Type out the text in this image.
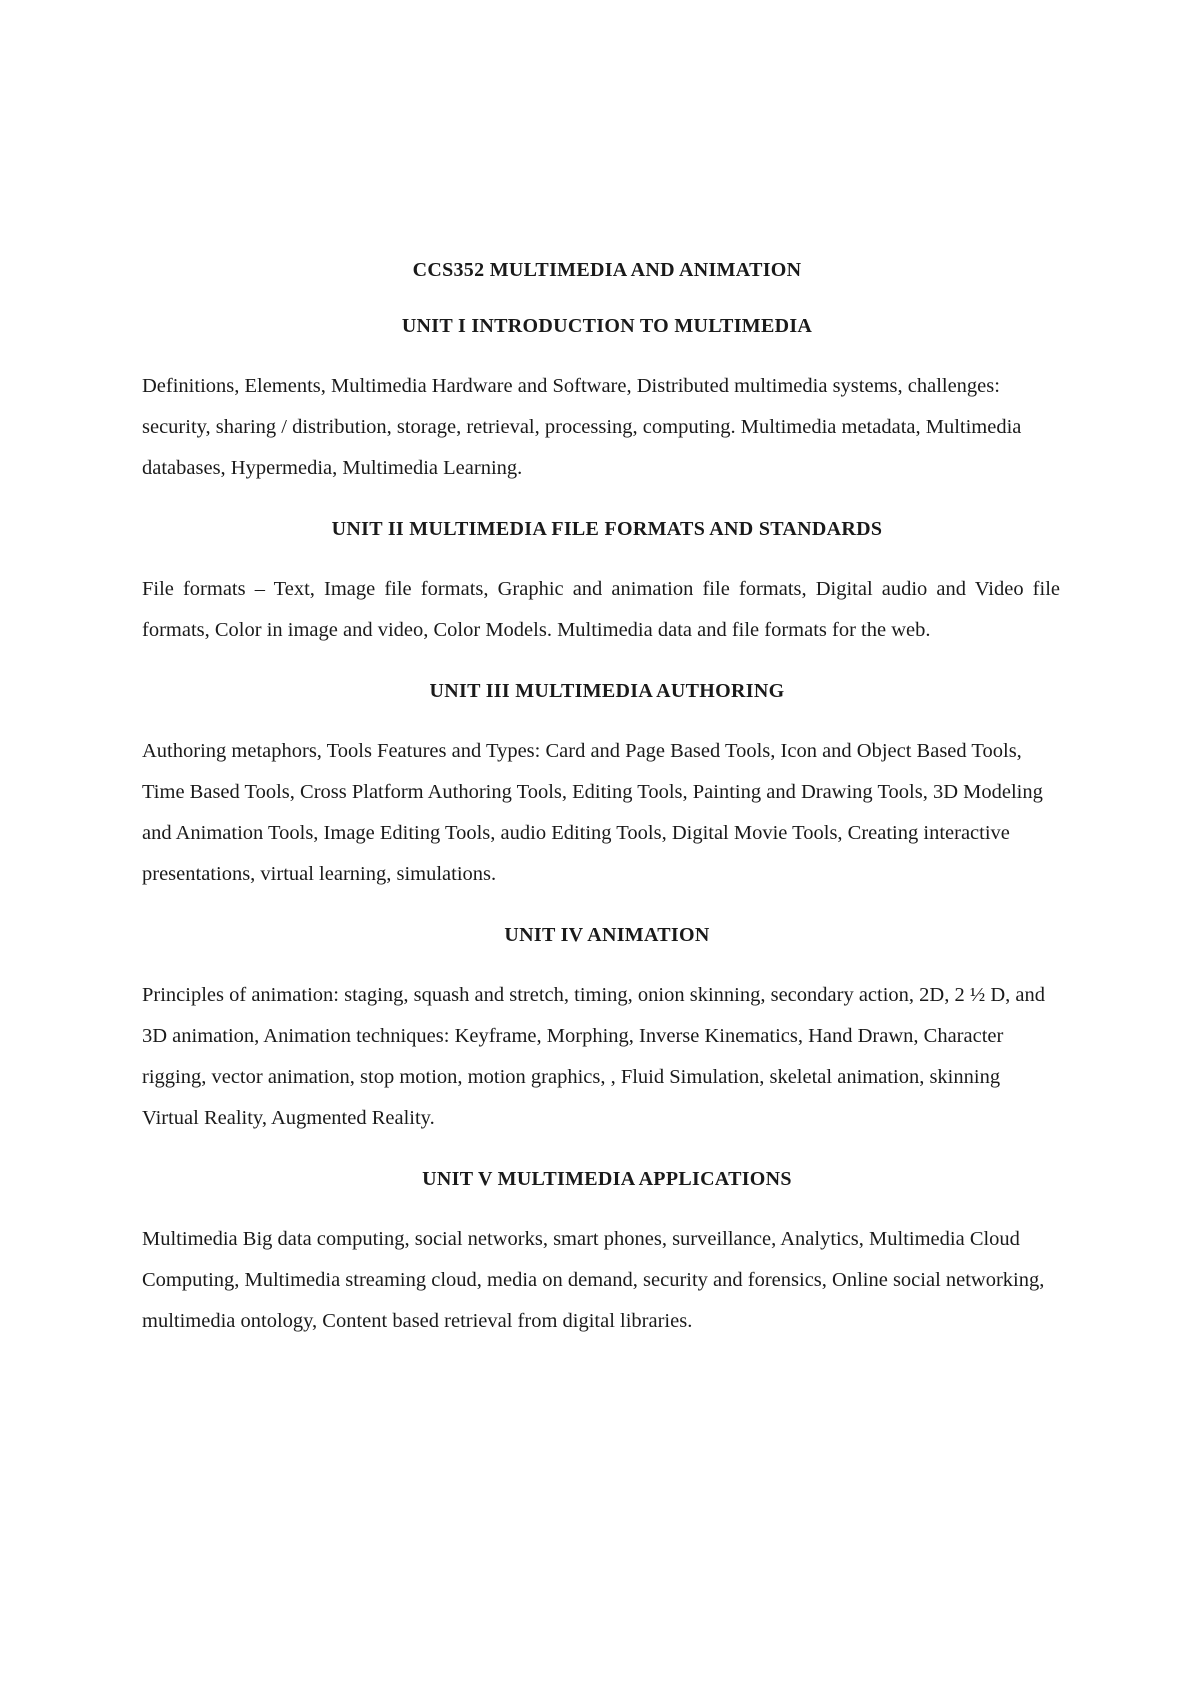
CCS352 MULTIMEDIA AND ANIMATION
UNIT I INTRODUCTION TO MULTIMEDIA

Definitions, Elements, Multimedia Hardware and Software, Distributed multimedia systems, challenges: security, sharing / distribution, storage, retrieval, processing, computing. Multimedia metadata, Multimedia databases, Hypermedia, Multimedia Learning.

UNIT II MULTIMEDIA FILE FORMATS AND STANDARDS

File formats – Text, Image file formats, Graphic and animation file formats, Digital audio and Video file formats, Color in image and video, Color Models. Multimedia data and file formats for the web.

UNIT III MULTIMEDIA AUTHORING

Authoring metaphors, Tools Features and Types: Card and Page Based Tools, Icon and Object Based Tools, Time Based Tools, Cross Platform Authoring Tools, Editing Tools, Painting and Drawing Tools, 3D Modeling and Animation Tools, Image Editing Tools, audio Editing Tools, Digital Movie Tools, Creating interactive presentations, virtual learning, simulations.

UNIT IV ANIMATION

Principles of animation: staging, squash and stretch, timing, onion skinning, secondary action, 2D, 2 ½ D, and 3D animation, Animation techniques: Keyframe, Morphing, Inverse Kinematics, Hand Drawn, Character rigging, vector animation, stop motion, motion graphics, , Fluid Simulation, skeletal animation, skinning Virtual Reality, Augmented Reality.

UNIT V MULTIMEDIA APPLICATIONS

Multimedia Big data computing, social networks, smart phones, surveillance, Analytics, Multimedia Cloud Computing, Multimedia streaming cloud, media on demand, security and forensics, Online social networking, multimedia ontology, Content based retrieval from digital libraries.
